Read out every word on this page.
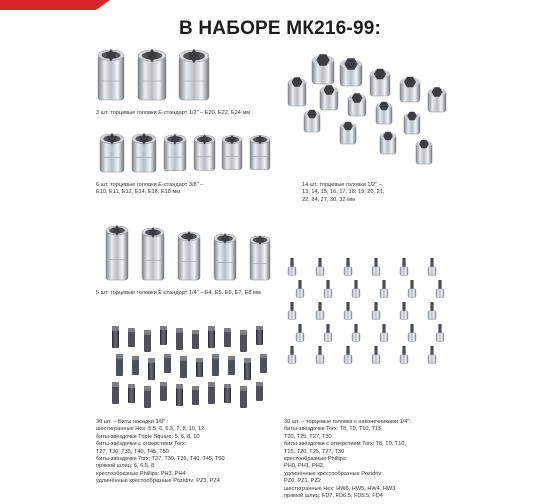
В НАБОРЕ МК216-99:
3 шт. торцевые головки Е-стандарт 1/2" – Е20, Е22, Е24 мм
6 шт. торцевые головки Е-стандарт 3/8" –
Е10, Е11, Е12, Е14, Е16, Е18 мм
14 шт. торцевые головки 1/2" –
13, 14, 15, 16, 17, 18, 19, 20, 21,
22, 24, 27, 30, 32 мм
5 шт. торцевые головки Е-стандарт 1/4" – Е4, Е5, Е6, Е7, Е8 мм
30 шт. – Биты насадки 3/8" :
шестигранные Hex: 5.5, 6, 6.5, 7, 8, 10, 12
биты-звёздочки Triple Square: 5, 6, 8, 10
биты-звёздочки с отверстием Torx:
T27, T30, T35, T40, T45, T50
биты-звёздочки Torx: T27, T30, T35, T40, T45, T50
прямой шлиц: 6, 6.5, 8
крестообразные Phillips: PH3, PH4
удлинённые крестообразные Pozidriv: PZ3, PZ4
30 шт. – торцевые головки с наконечниками 1/4":
биты-звёздочки Torx: T8, T9, T10, T15,
T20, T25, T27, T30
биты-звёздочки с отверстием Torx: T8, T9, T10,
T15, T20, T25, T27, T30
крестообразные Phillips:
PH0, PH1, PH2,
удлинённые крестообразные Pozidriv:
PZ0, PZ1, PZ2
шестигранные Hex: HW6, HW5, HW4, HW3
прямой шлиц: FD7, FD6.5, FD5.5, FD4
